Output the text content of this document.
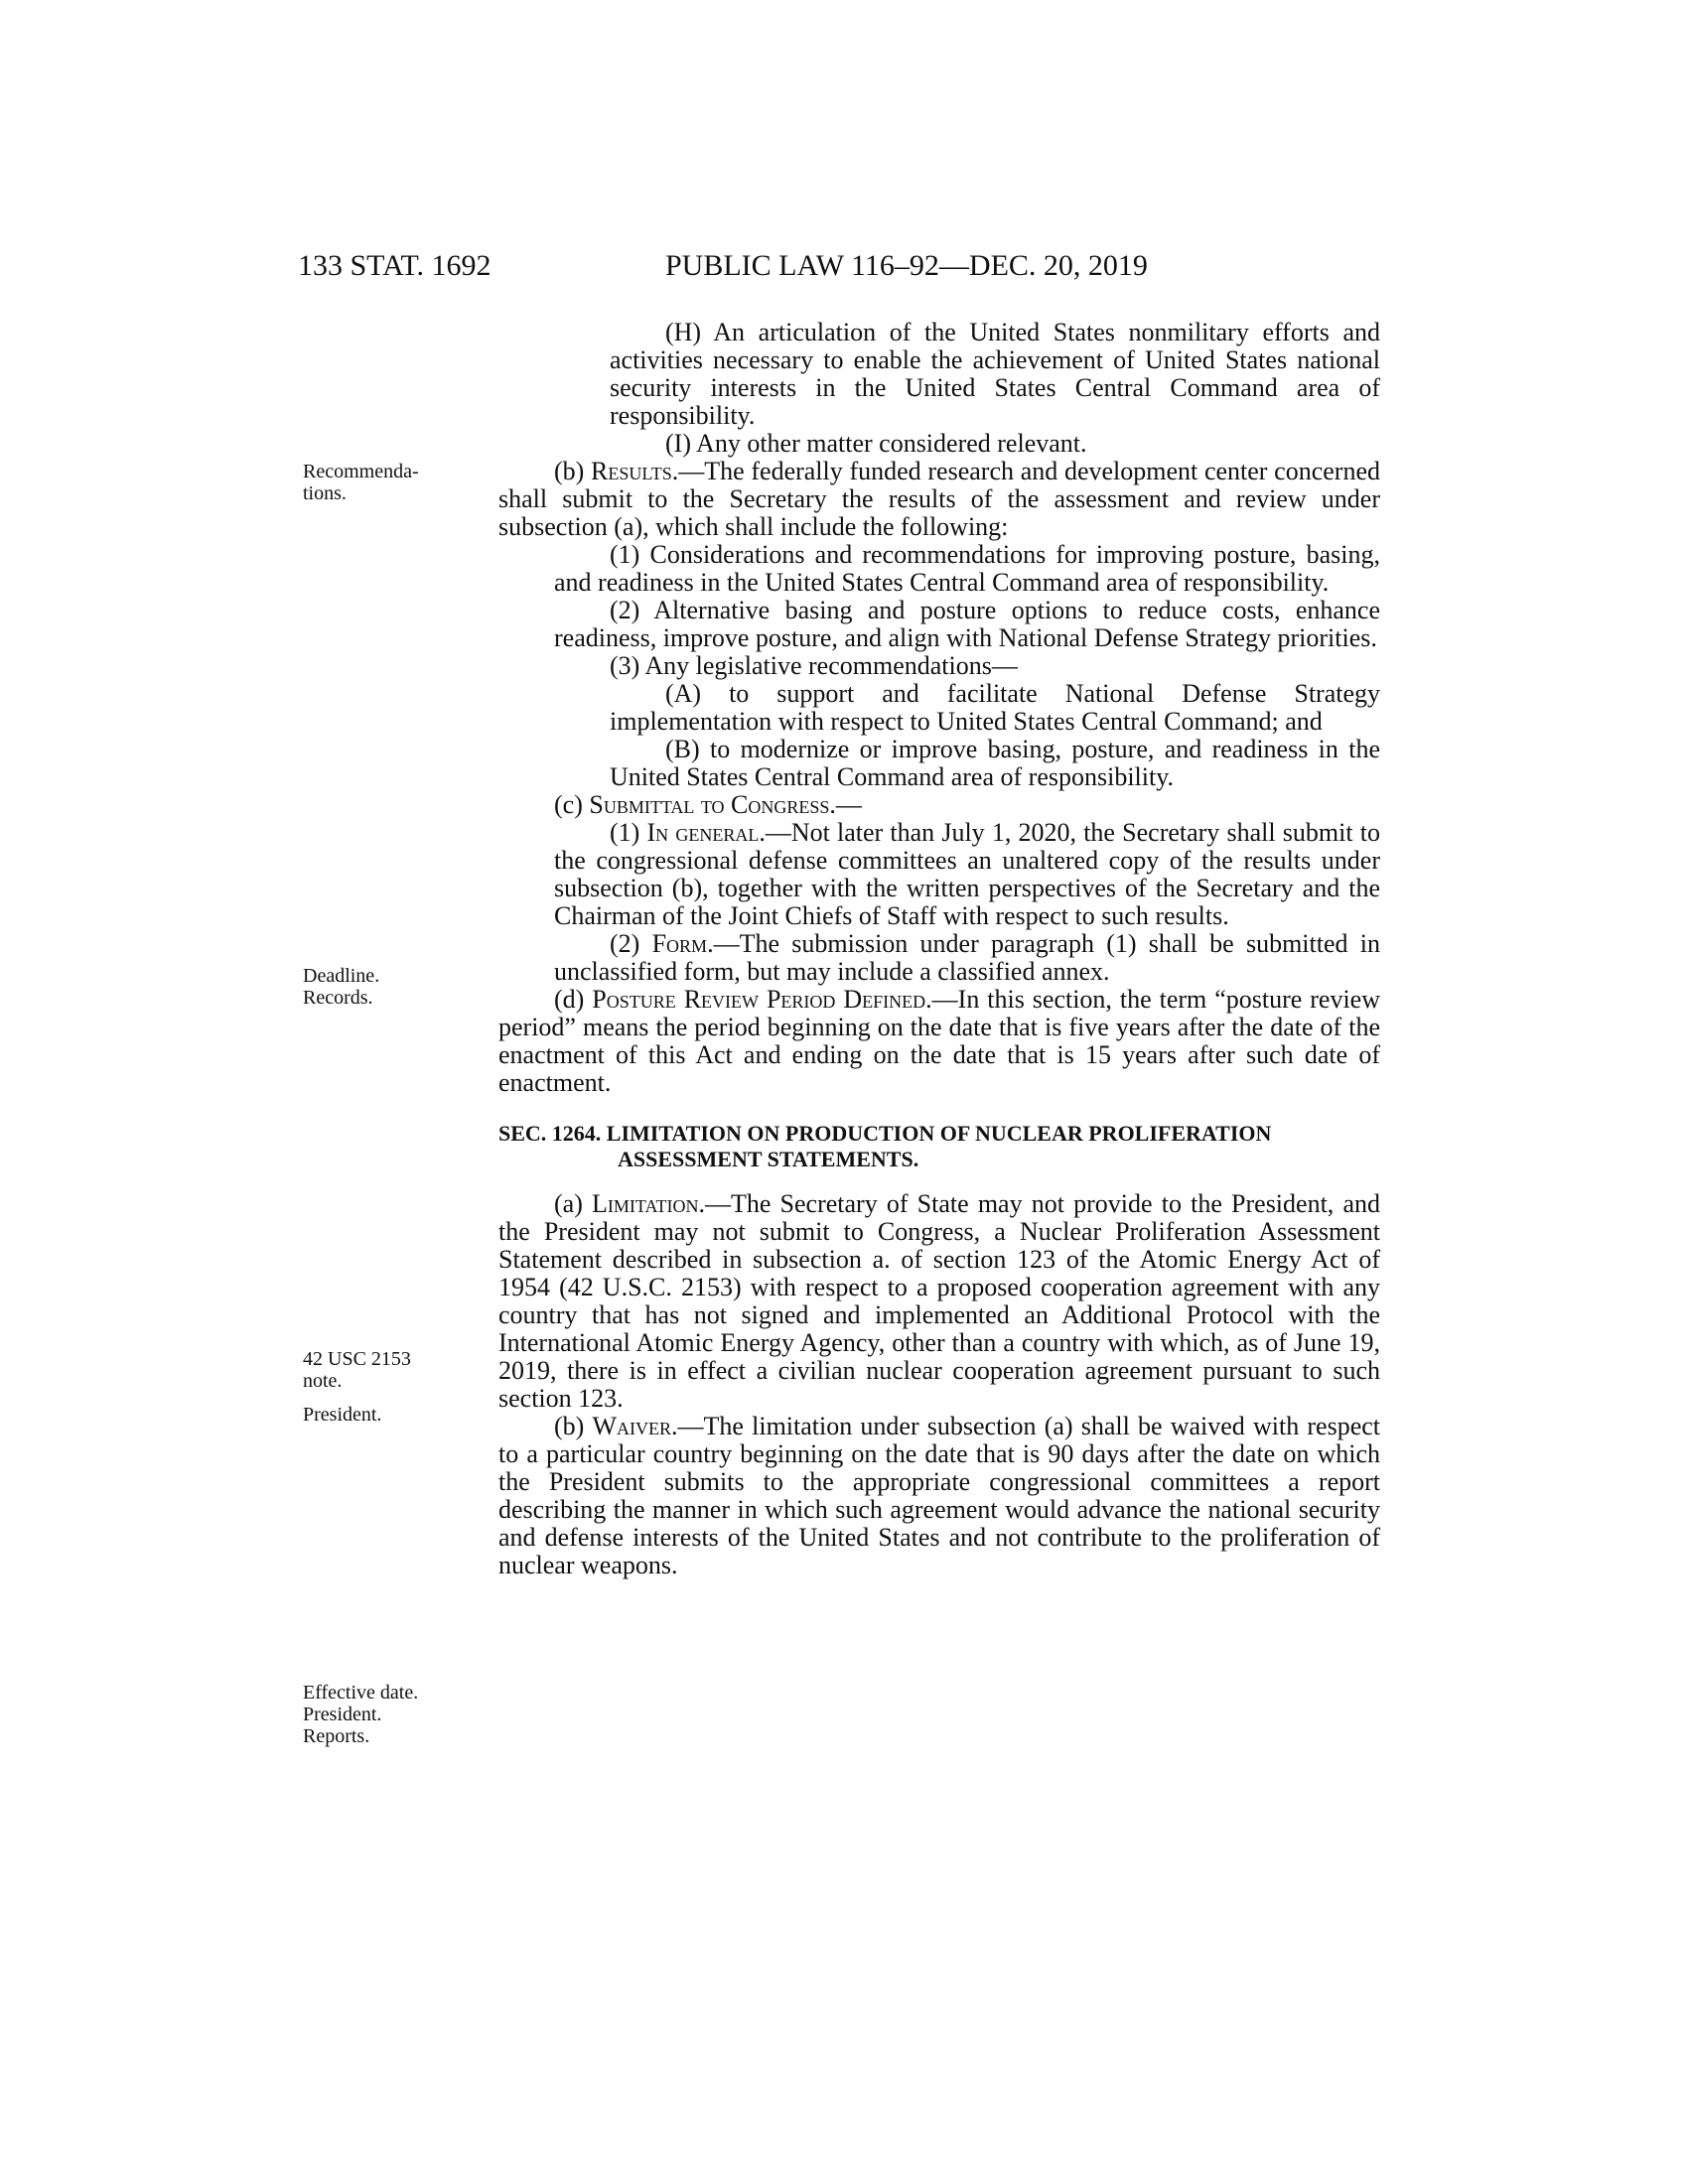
133 STAT. 1692	PUBLIC LAW 116–92—DEC. 20, 2019
Recommenda-
tions.
Deadline.
Records.
42 USC 2153
note.
President.
Effective date.
President.
Reports.

(H) An articulation of the United States nonmilitary efforts and activities necessary to enable the achievement of United States national security interests in the United States Central Command area of responsibility.

(I) Any other matter considered relevant.

(b) Results.—The federally funded research and development center concerned shall submit to the Secretary the results of the assessment and review under subsection (a), which shall include the following:

(1) Considerations and recommendations for improving posture, basing, and readiness in the United States Central Command area of responsibility.

(2) Alternative basing and posture options to reduce costs, enhance readiness, improve posture, and align with National Defense Strategy priorities.

(3) Any legislative recommendations—

(A) to support and facilitate National Defense Strategy implementation with respect to United States Central Command; and

(B) to modernize or improve basing, posture, and readiness in the United States Central Command area of responsibility.

(c) Submittal to Congress.—

(1) In general.—Not later than July 1, 2020, the Secretary shall submit to the congressional defense committees an unaltered copy of the results under subsection (b), together with the written perspectives of the Secretary and the Chairman of the Joint Chiefs of Staff with respect to such results.

(2) Form.—The submission under paragraph (1) shall be submitted in unclassified form, but may include a classified annex.

(d) Posture Review Period Defined.—In this section, the term “posture review period” means the period beginning on the date that is five years after the date of the enactment of this Act and ending on the date that is 15 years after such date of enactment.

SEC. 1264. LIMITATION ON PRODUCTION OF NUCLEAR PROLIFERATION ASSESSMENT STATEMENTS.

(a) Limitation.—The Secretary of State may not provide to the President, and the President may not submit to Congress, a Nuclear Proliferation Assessment Statement described in subsection a. of section 123 of the Atomic Energy Act of 1954 (42 U.S.C. 2153) with respect to a proposed cooperation agreement with any country that has not signed and implemented an Additional Protocol with the International Atomic Energy Agency, other than a country with which, as of June 19, 2019, there is in effect a civilian nuclear cooperation agreement pursuant to such section 123.

(b) Waiver.—The limitation under subsection (a) shall be waived with respect to a particular country beginning on the date that is 90 days after the date on which the President submits to the appropriate congressional committees a report describing the manner in which such agreement would advance the national security and defense interests of the United States and not contribute to the proliferation of nuclear weapons.
